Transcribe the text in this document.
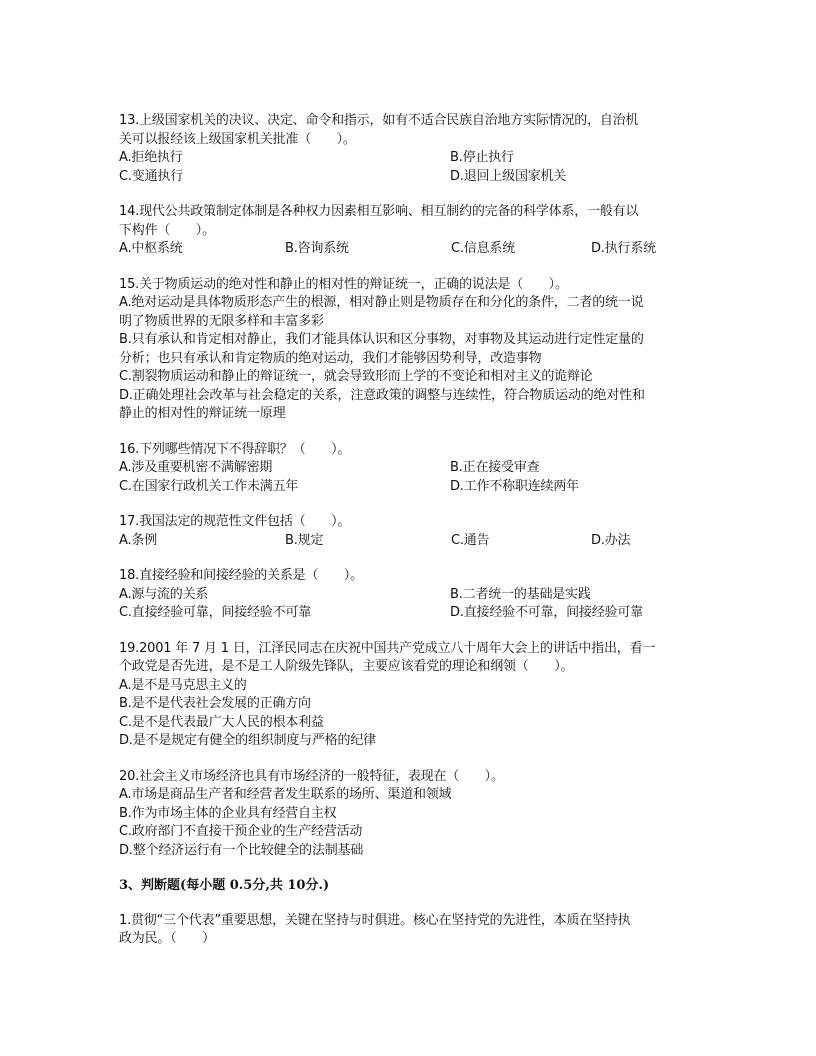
13.上级国家机关的决议、决定、命令和指示，如有不适合民族自治地方实际情况的，自治机
关可以报经该上级国家机关批准（　　）。
A.拒绝执行	B.停止执行
C.变通执行	D.退回上级国家机关
14.现代公共政策制定体制是各种权力因素相互影响、相互制约的完备的科学体系，一般有以
下构件（　　）。
A.中枢系统	B.咨询系统	C.信息系统	D.执行系统
15.关于物质运动的绝对性和静止的相对性的辩证统一，正确的说法是（　　）。
A.绝对运动是具体物质形态产生的根源，相对静止则是物质存在和分化的条件，二者的统一说
明了物质世界的无限多样和丰富多彩
B.只有承认和肯定相对静止，我们才能具体认识和区分事物，对事物及其运动进行定性定量的
分析；也只有承认和肯定物质的绝对运动，我们才能够因势利导，改造事物
C.割裂物质运动和静止的辩证统一，就会导致形而上学的不变论和相对主义的诡辩论
D.正确处理社会改革与社会稳定的关系，注意政策的调整与连续性，符合物质运动的绝对性和
静止的相对性的辩证统一原理
16.下列哪些情况下不得辞职？（　　）。
A.涉及重要机密不满解密期	B.正在接受审查
C.在国家行政机关工作未满五年	D.工作不称职连续两年
17.我国法定的规范性文件包括（　　）。
A.条例	B.规定	C.通告	D.办法
18.直接经验和间接经验的关系是（　　）。
A.源与流的关系	B.二者统一的基础是实践
C.直接经验可靠，间接经验不可靠	D.直接经验不可靠，间接经验可靠
19.2001 年 7 月 1 日，江泽民同志在庆祝中国共产党成立八十周年大会上的讲话中指出，看一
个政党是否先进，是不是工人阶级先锋队，主要应该看党的理论和纲领（　　）。
A.是不是马克思主义的
B.是不是代表社会发展的正确方向
C.是不是代表最广大人民的根本利益
D.是不是规定有健全的组织制度与严格的纪律
20.社会主义市场经济也具有市场经济的一般特征，表现在（　　）。
A.市场是商品生产者和经营者发生联系的场所、渠道和领域
B.作为市场主体的企业具有经营自主权
C.政府部门不直接干预企业的生产经营活动
D.整个经济运行有一个比较健全的法制基础
3、判断题(每小题 0.5分,共 10分.)
1.贯彻“三个代表”重要思想，关键在坚持与时俱进。核心在坚持党的先进性，本质在坚持执
政为民。（　　）
